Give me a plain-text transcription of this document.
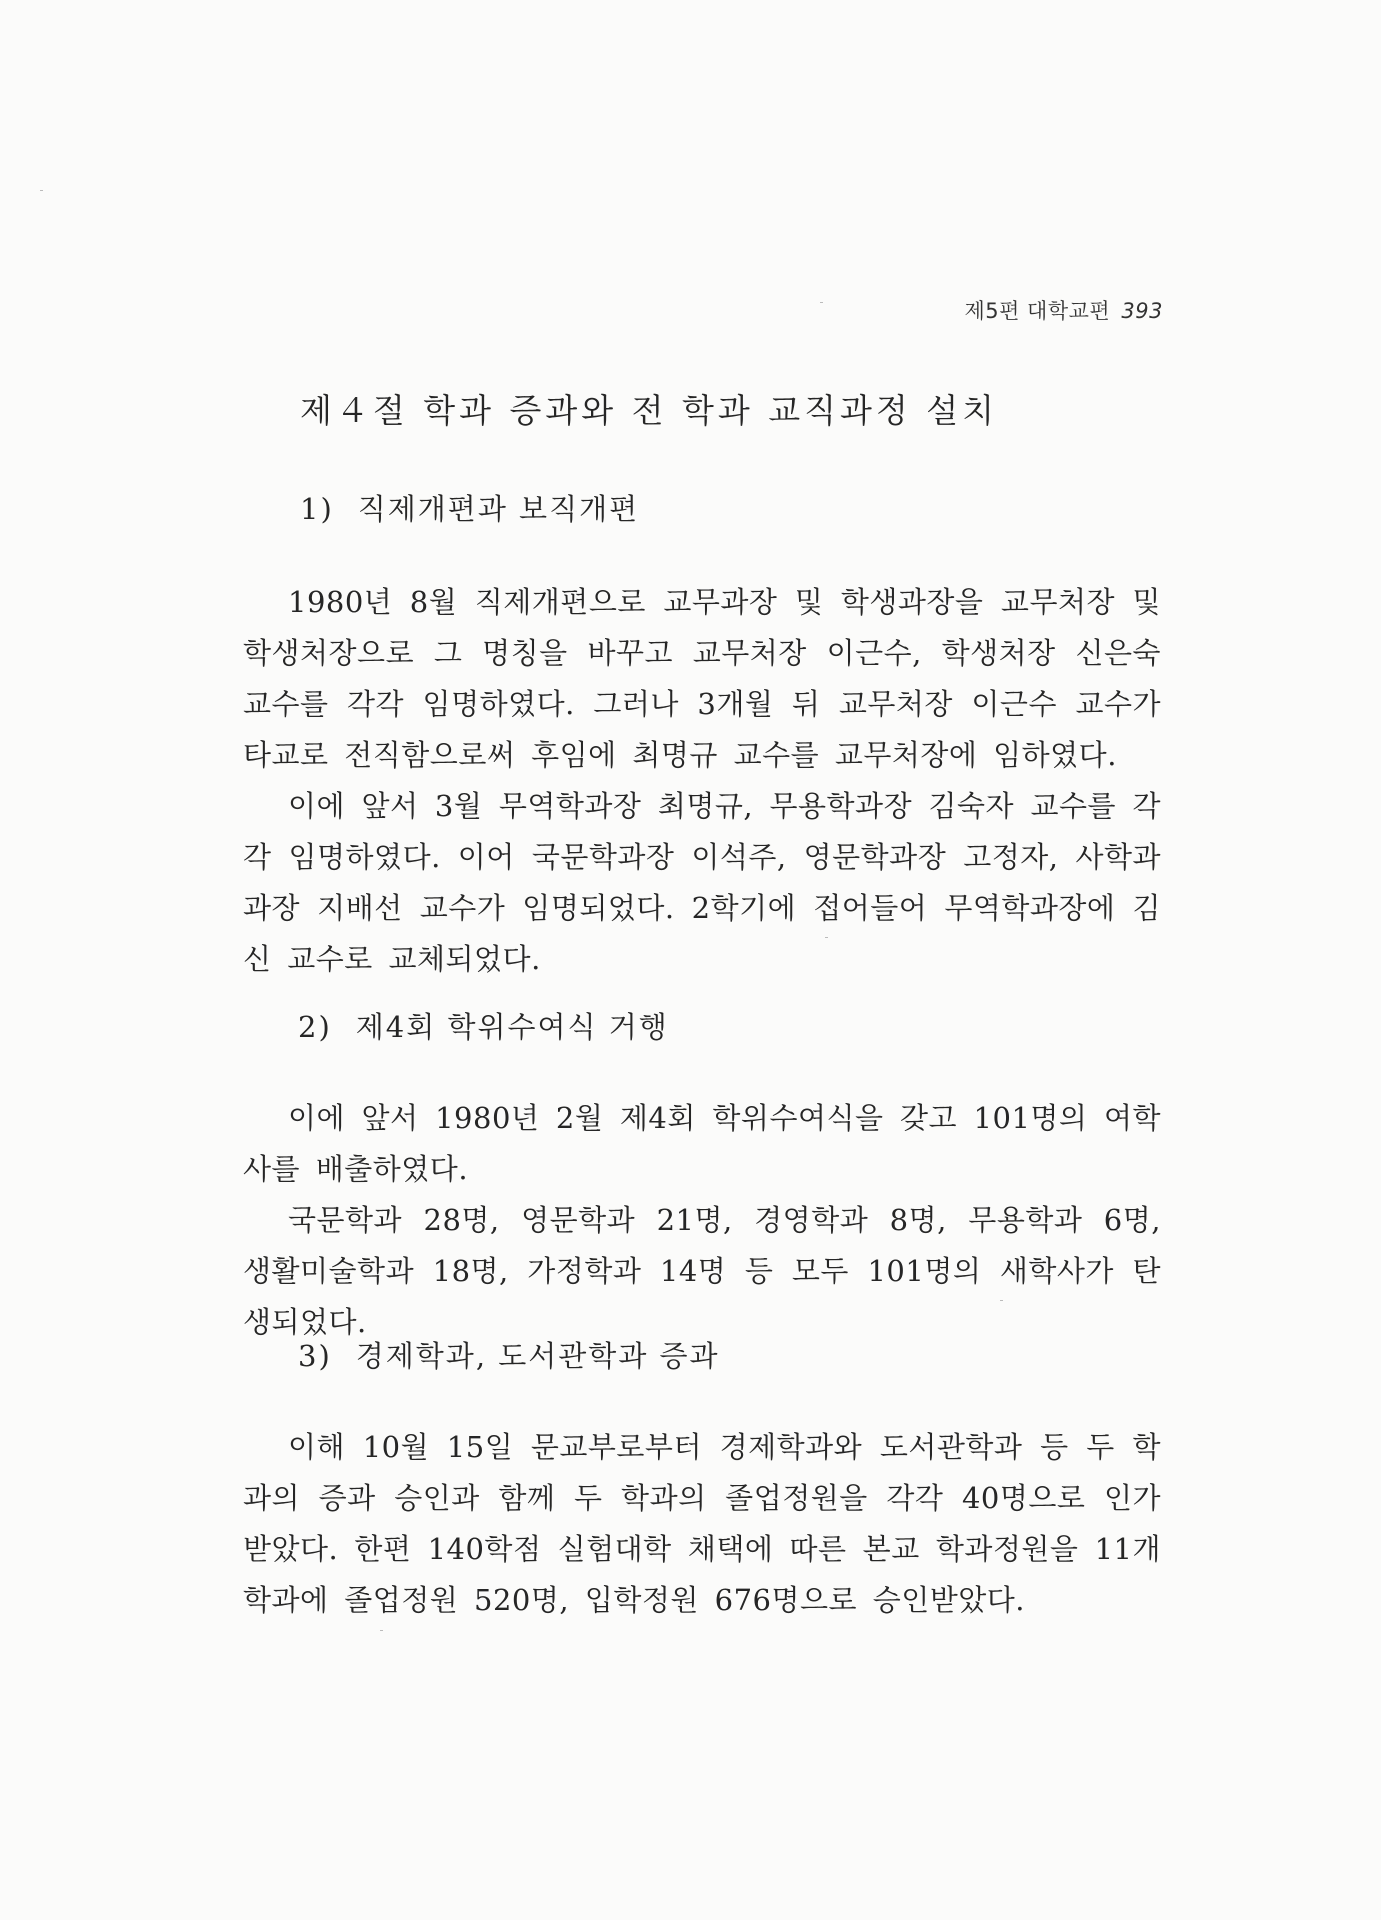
제5편 대학교편 393
제４절 학과 증과와 전 학과 교직과정 설치
1) 직제개편과 보직개편

1980년 8월 직제개편으로 교무과장 및 학생과장을 교무처장 및 학생처장으로 그 명칭을 바꾸고 교무처장 이근수, 학생처장 신은숙 교수를 각각 임명하였다. 그러나 3개월 뒤 교무처장 이근수 교수가 타교로 전직함으로써 후임에 최명규 교수를 교무처장에 임하였다.

이에 앞서 3월 무역학과장 최명규, 무용학과장 김숙자 교수를 각각 임명하였다. 이어 국문학과장 이석주, 영문학과장 고정자, 사학과과장 지배선 교수가 임명되었다. 2학기에 접어들어 무역학과장에 김 신 교수로 교체되었다.

2) 제4회 학위수여식 거행

이에 앞서 1980년 2월 제4회 학위수여식을 갖고 101명의 여학사를 배출하였다.

국문학과 28명, 영문학과 21명, 경영학과 8명, 무용학과 6명, 생활미술학과 18명, 가정학과 14명 등 모두 101명의 새학사가 탄생되었다.

3) 경제학과, 도서관학과 증과

이해 10월 15일 문교부로부터 경제학과와 도서관학과 등 두 학과의 증과 승인과 함께 두 학과의 졸업정원을 각각 40명으로 인가받았다. 한편 140학점 실험대학 채택에 따른 본교 학과정원을 11개 학과에 졸업정원 520명, 입학정원 676명으로 승인받았다.
